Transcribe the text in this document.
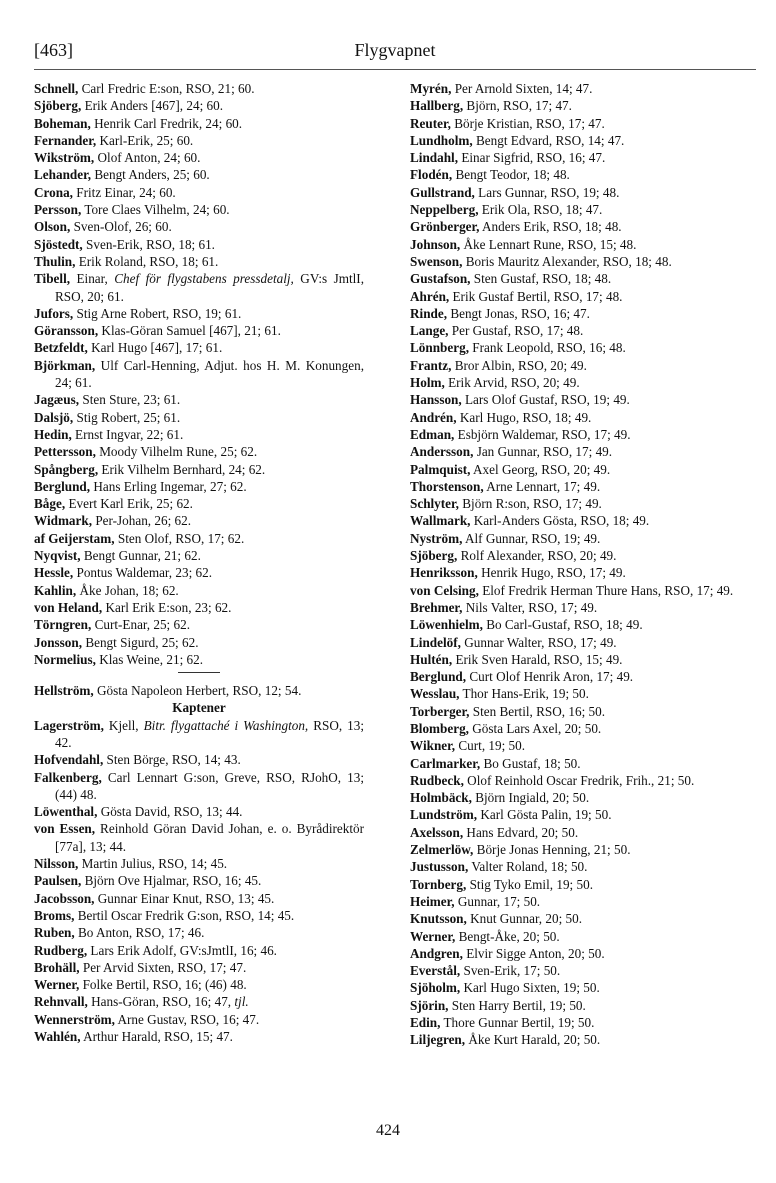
[463]	Flygvapnet
Schnell, Carl Fredric E:son, RSO, 21; 60.
Sjöberg, Erik Anders [467], 24; 60.
Boheman, Henrik Carl Fredrik, 24; 60.
Fernander, Karl-Erik, 25; 60.
Wikström, Olof Anton, 24; 60.
Lehander, Bengt Anders, 25; 60.
Crona, Fritz Einar, 24; 60.
Persson, Tore Claes Vilhelm, 24; 60.
Olson, Sven-Olof, 26; 60.
Sjöstedt, Sven-Erik, RSO, 18; 61.
Thulin, Erik Roland, RSO, 18; 61.
Tibell, Einar, Chef för flygstabens pressdetalj, GV:s JmtlI, RSO, 20; 61.
Jufors, Stig Arne Robert, RSO, 19; 61.
Göransson, Klas-Göran Samuel [467], 21; 61.
Betzfeldt, Karl Hugo [467], 17; 61.
Björkman, Ulf Carl-Henning, Adjut. hos H. M. Konungen, 24; 61.
Jagæus, Sten Sture, 23; 61.
Dalsjö, Stig Robert, 25; 61.
Hedin, Ernst Ingvar, 22; 61.
Pettersson, Moody Vilhelm Rune, 25; 62.
Spångberg, Erik Vilhelm Bernhard, 24; 62.
Berglund, Hans Erling Ingemar, 27; 62.
Båge, Evert Karl Erik, 25; 62.
Widmark, Per-Johan, 26; 62.
af Geijerstam, Sten Olof, RSO, 17; 62.
Nyqvist, Bengt Gunnar, 21; 62.
Hessle, Pontus Waldemar, 23; 62.
Kahlin, Åke Johan, 18; 62.
von Heland, Karl Erik E:son, 23; 62.
Törngren, Curt-Enar, 25; 62.
Jonsson, Bengt Sigurd, 25; 62.
Normelius, Klas Weine, 21; 62.
Hellström, Gösta Napoleon Herbert, RSO, 12; 54.
Kaptener
Lagerström, Kjell, Bitr. flygattaché i Washington, RSO, 13; 42.
Hofvendahl, Sten Börge, RSO, 14; 43.
Falkenberg, Carl Lennart G:son, Greve, RSO, RJohO, 13; (44) 48.
Löwenthal, Gösta David, RSO, 13; 44.
von Essen, Reinhold Göran David Johan, e. o. Byrådirektör [77a], 13; 44.
Nilsson, Martin Julius, RSO, 14; 45.
Paulsen, Björn Ove Hjalmar, RSO, 16; 45.
Jacobsson, Gunnar Einar Knut, RSO, 13; 45.
Broms, Bertil Oscar Fredrik G:son, RSO, 14; 45.
Ruben, Bo Anton, RSO, 17; 46.
Rudberg, Lars Erik Adolf, GV:sJmtlI, 16; 46.
Brohäll, Per Arvid Sixten, RSO, 17; 47.
Werner, Folke Bertil, RSO, 16; (46) 48.
Rehnvall, Hans-Göran, RSO, 16; 47, tjl.
Wennerström, Arne Gustav, RSO, 16; 47.
Wahlén, Arthur Harald, RSO, 15; 47.
Myrén, Per Arnold Sixten, 14; 47.
Hallberg, Björn, RSO, 17; 47.
Reuter, Börje Kristian, RSO, 17; 47.
Lundholm, Bengt Edvard, RSO, 14; 47.
Lindahl, Einar Sigfrid, RSO, 16; 47.
Flodén, Bengt Teodor, 18; 48.
Gullstrand, Lars Gunnar, RSO, 19; 48.
Neppelberg, Erik Ola, RSO, 18; 47.
Grönberger, Anders Erik, RSO, 18; 48.
Johnson, Åke Lennart Rune, RSO, 15; 48.
Swenson, Boris Mauritz Alexander, RSO, 18; 48.
Gustafson, Sten Gustaf, RSO, 18; 48.
Ahrén, Erik Gustaf Bertil, RSO, 17; 48.
Rinde, Bengt Jonas, RSO, 16; 47.
Lange, Per Gustaf, RSO, 17; 48.
Lönnberg, Frank Leopold, RSO, 16; 48.
Frantz, Bror Albin, RSO, 20; 49.
Holm, Erik Arvid, RSO, 20; 49.
Hansson, Lars Olof Gustaf, RSO, 19; 49.
Andrén, Karl Hugo, RSO, 18; 49.
Edman, Esbjörn Waldemar, RSO, 17; 49.
Andersson, Jan Gunnar, RSO, 17; 49.
Palmquist, Axel Georg, RSO, 20; 49.
Thorstenson, Arne Lennart, 17; 49.
Schlyter, Björn R:son, RSO, 17; 49.
Wallmark, Karl-Anders Gösta, RSO, 18; 49.
Nyström, Alf Gunnar, RSO, 19; 49.
Sjöberg, Rolf Alexander, RSO, 20; 49.
Henriksson, Henrik Hugo, RSO, 17; 49.
von Celsing, Elof Fredrik Herman Thure Hans, RSO, 17; 49.
Brehmer, Nils Valter, RSO, 17; 49.
Löwenhielm, Bo Carl-Gustaf, RSO, 18; 49.
Lindelöf, Gunnar Walter, RSO, 17; 49.
Hultén, Erik Sven Harald, RSO, 15; 49.
Berglund, Curt Olof Henrik Aron, 17; 49.
Wesslau, Thor Hans-Erik, 19; 50.
Torberger, Sten Bertil, RSO, 16; 50.
Blomberg, Gösta Lars Axel, 20; 50.
Wikner, Curt, 19; 50.
Carlmarker, Bo Gustaf, 18; 50.
Rudbeck, Olof Reinhold Oscar Fredrik, Frih., 21; 50.
Holmbäck, Björn Ingiald, 20; 50.
Lundström, Karl Gösta Palin, 19; 50.
Axelsson, Hans Edvard, 20; 50.
Zelmerlöw, Börje Jonas Henning, 21; 50.
Justusson, Valter Roland, 18; 50.
Tornberg, Stig Tyko Emil, 19; 50.
Heimer, Gunnar, 17; 50.
Knutsson, Knut Gunnar, 20; 50.
Werner, Bengt-Åke, 20; 50.
Andgren, Elvir Sigge Anton, 20; 50.
Everstål, Sven-Erik, 17; 50.
Sjöholm, Karl Hugo Sixten, 19; 50.
Sjörin, Sten Harry Bertil, 19; 50.
Edin, Thore Gunnar Bertil, 19; 50.
Liljegren, Åke Kurt Harald, 20; 50.
424
